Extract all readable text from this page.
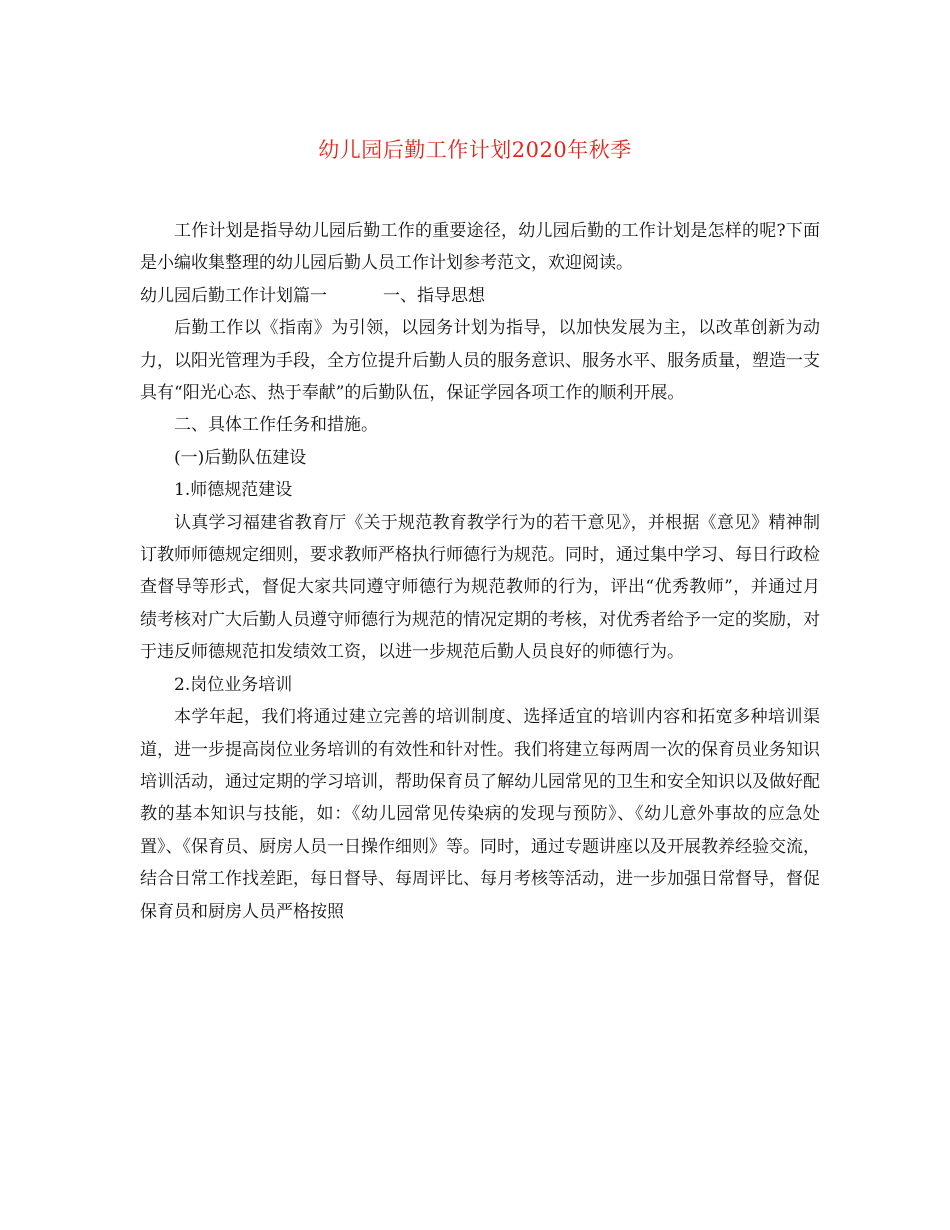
幼儿园后勤工作计划2020年秋季

工作计划是指导幼儿园后勤工作的重要途径，幼儿园后勤的工作计划是怎样的呢?下面是小编收集整理的幼儿园后勤人员工作计划参考范文，欢迎阅读。

幼儿园后勤工作计划篇一	一、指导思想

后勤工作以《指南》为引领，以园务计划为指导，以加快发展为主，以改革创新为动力，以阳光管理为手段，全方位提升后勤人员的服务意识、服务水平、服务质量，塑造一支具有“阳光心态、热于奉献”的后勤队伍，保证学园各项工作的顺利开展。

二、具体工作任务和措施。

(一)后勤队伍建设

1.师德规范建设

认真学习福建省教育厅《关于规范教育教学行为的若干意见》，并根据《意见》精神制订教师师德规定细则，要求教师严格执行师德行为规范。同时，通过集中学习、每日行政检查督导等形式，督促大家共同遵守师德行为规范教师的行为，评出“优秀教师”，并通过月绩考核对广大后勤人员遵守师德行为规范的情况定期的考核，对优秀者给予一定的奖励，对于违反师德规范扣发绩效工资，以进一步规范后勤人员良好的师德行为。

2.岗位业务培训

本学年起，我们将通过建立完善的培训制度、选择适宜的培训内容和拓宽多种培训渠道，进一步提高岗位业务培训的有效性和针对性。我们将建立每两周一次的保育员业务知识培训活动，通过定期的学习培训，帮助保育员了解幼儿园常见的卫生和安全知识以及做好配教的基本知识与技能，如：《幼儿园常见传染病的发现与预防》、《幼儿意外事故的应急处置》、《保育员、厨房人员一日操作细则》等。同时，通过专题讲座以及开展教养经验交流，结合日常工作找差距，每日督导、每周评比、每月考核等活动，进一步加强日常督导，督促保育员和厨房人员严格按照
